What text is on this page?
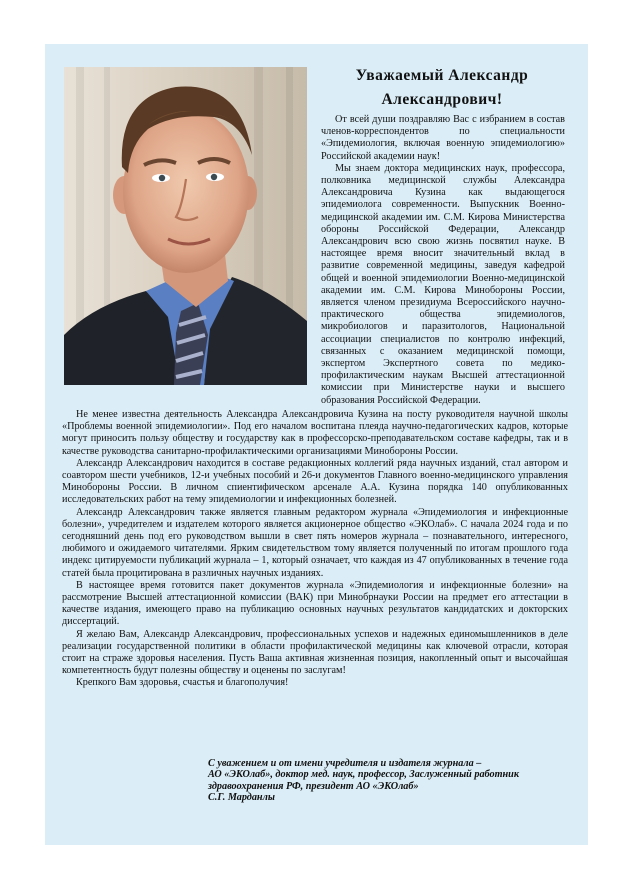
Уважаемый Александр
Александрович!

От всей души поздравляю Вас с избранием в состав членов-корреспондентов по специальности «Эпидемиология, включая военную эпидемиологию» Российской академии наук!

Мы знаем доктора медицинских наук, профессора, полковника медицинской службы Александра Александровича Кузина как выдающегося эпидемиолога современности. Выпускник Военно-медицинской академии им. С.М. Кирова Министерства обороны Российской Федерации, Александр Александрович всю свою жизнь посвятил науке. В настоящее время вносит значительный вклад в развитие современной медицины, заведуя кафедрой общей и военной эпидемиологии Военно-медицинской академии им. С.М. Кирова Минобороны России, является членом президиума Всероссийского научно-практического общества эпидемиологов, микробиологов и паразитологов, Национальной ассоциации специалистов по контролю инфекций, связанных с оказанием медицинской помощи, экспертом Экспертного совета по медико-профилактическим наукам Высшей аттестационной комиссии при Министерстве науки и высшего образования Российской Федерации.

Не менее известна деятельность Александра Александровича Кузина на посту руководителя научной школы «Проблемы военной эпидемиологии». Под его началом воспитана плеяда научно-педагогических кадров, которые могут приносить пользу обществу и государству как в профессорско-преподавательском составе кафедры, так и в качестве руководства санитарно-профилактическими организациями Минобороны России.

Александр Александрович находится в составе редакционных коллегий ряда научных изданий, стал автором и соавтором шести учебников, 12-и учебных пособий и 26-и документов Главного военно-медицинского управления Минобороны России. В личном спиентифическом арсенале А.А. Кузина порядка 140 опубликованных исследовательских работ на тему эпидемиологии и инфекционных болезней.

Александр Александрович также является главным редактором журнала «Эпидемиология и инфекционные болезни», учредителем и издателем которого является акционерное общество «ЭКОлаб». С начала 2024 года и по сегодняшний день под его руководством вышли в свет пять номеров журнала – познавательного, интересного, любимого и ожидаемого читателями. Ярким свидетельством тому является полученный по итогам прошлого года индекс цитируемости публикаций журнала – 1, который означает, что каждая из 47 опубликованных в течение года статей была процитирована в различных научных изданиях.

В настоящее время готовится пакет документов журнала «Эпидемиология и инфекционные болезни» на рассмотрение Высшей аттестационной комиссии (ВАК) при Минобрнауки России на предмет его аттестации в качестве издания, имеющего право на публикацию основных научных результатов кандидатских и докторских диссертаций.

Я желаю Вам, Александр Александрович, профессиональных успехов и надежных единомышленников в деле реализации государственной политики в области профилактической медицины как ключевой отрасли, которая стоит на страже здоровья населения. Пусть Ваша активная жизненная позиция, накопленный опыт и высочайшая компетентность будут полезны обществу и оценены по заслугам!

Крепкого Вам здоровья, счастья и благополучия!

С уважением и от имени учредителя и издателя журнала –
АО «ЭКОлаб», доктор мед. наук, профессор, Заслуженный работник
здравоохранения РФ, президент АО «ЭКОлаб»
С.Г. Марданлы
